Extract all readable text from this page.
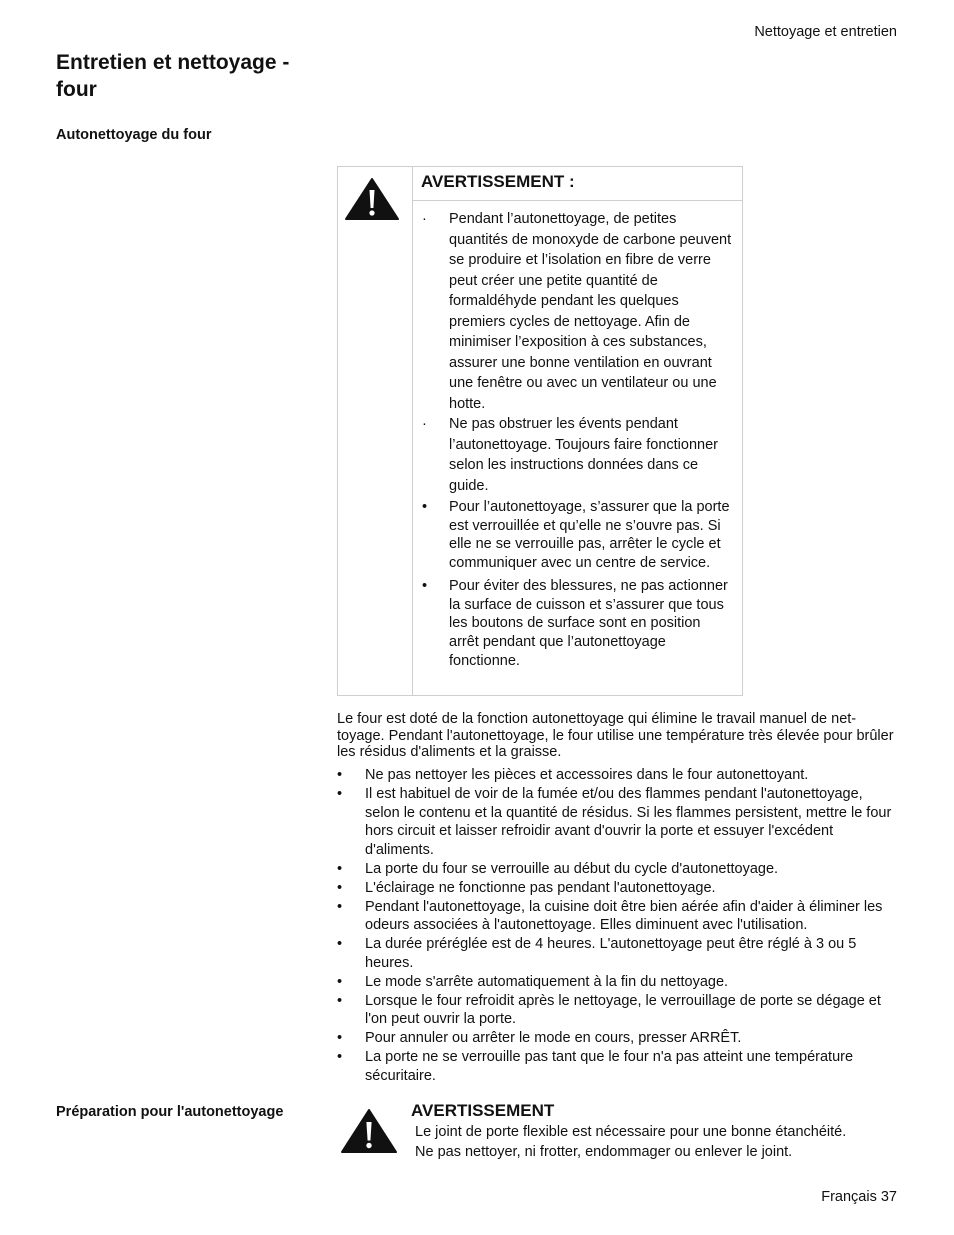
Nettoyage et entretien
Entretien et nettoyage - four
Autonettoyage du four
AVERTISSEMENT :
· Pendant l’autonettoyage, de petites quantités de monoxyde de carbone peuvent se produire et l’isolation en fibre de verre peut créer une petite quantité de formaldéhyde pendant les quelques premiers cycles de nettoyage. Afin de minimiser l’exposition à ces substances, assurer une bonne ventilation en ouvrant une fenêtre ou avec un ventilateur ou une hotte.
· Ne pas obstruer les évents pendant l’autonettoyage. Toujours faire fonctionner selon les instructions données dans ce guide.
• Pour l’autonettoyage, s’assurer que la porte est verrouillée et qu’elle ne s’ouvre pas. Si elle ne se verrouille pas, arrêter le cycle et communiquer avec un centre de service.
• Pour éviter des blessures, ne pas actionner la surface de cuisson et s’assurer que tous les boutons de surface sont en position arrêt pendant que l’autonettoyage fonctionne.

Le four est doté de la fonction autonettoyage qui élimine le travail manuel de net-toyage. Pendant l'autonettoyage, le four utilise une température très élevée pour brûler les résidus d'aliments et la graisse.

• Ne pas nettoyer les pièces et accessoires dans le four autonettoyant.
• Il est habituel de voir de la fumée et/ou des flammes pendant l'autonettoyage, selon le contenu et la quantité de résidus. Si les flammes persistent, mettre le four hors circuit et laisser refroidir avant d'ouvrir la porte et essuyer l'excédent d'aliments.
• La porte du four se verrouille au début du cycle d'autonettoyage.
• L'éclairage ne fonctionne pas pendant l'autonettoyage.
• Pendant l'autonettoyage, la cuisine doit être bien aérée afin d'aider à éliminer les odeurs associées à l'autonettoyage. Elles diminuent avec l'utilisation.
• La durée préréglée est de 4 heures. L'autonettoyage peut être réglé à 3 ou 5 heures.
• Le mode s'arrête automatiquement à la fin du nettoyage.
• Lorsque le four refroidit après le nettoyage, le verrouillage de porte se dégage et l'on peut ouvrir la porte.
• Pour annuler ou arrêter le mode en cours, presser ARRÊT.
• La porte ne se verrouille pas tant que le four n'a pas atteint une température sécuritaire.
Préparation pour l'autonettoyage	AVERTISSEMENT
Le joint de porte flexible est nécessaire pour une bonne étanchéité.
Ne pas nettoyer, ni frotter, endommager ou enlever le joint.
Français 37
